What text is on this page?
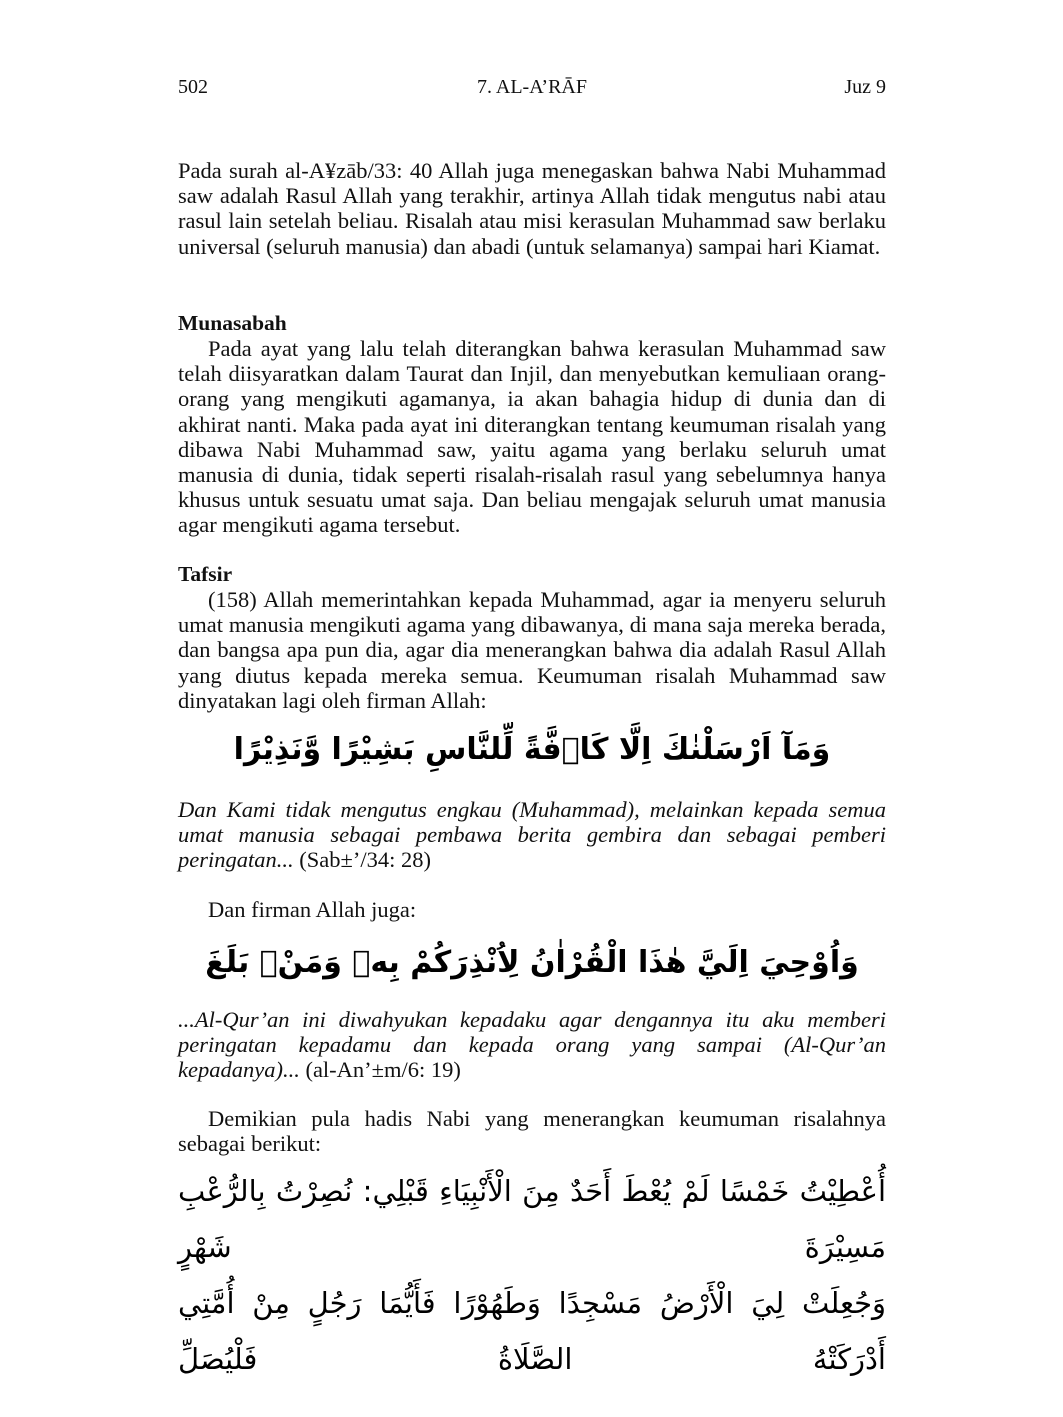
502	7. AL-A’RĀF	Juz 9

Pada surah al-A¥zāb/33: 40 Allah juga menegaskan bahwa Nabi Muhammad saw adalah Rasul Allah yang terakhir, artinya Allah tidak mengutus nabi atau rasul lain setelah beliau. Risalah atau misi kerasulan Muhammad saw berlaku universal (seluruh manusia) dan abadi (untuk selamanya) sampai hari Kiamat.

Munasabah

Pada ayat yang lalu telah diterangkan bahwa kerasulan Muhammad saw telah diisyaratkan dalam Taurat dan Injil, dan menyebutkan kemuliaan orang-orang yang mengikuti agamanya, ia akan bahagia hidup di dunia dan di akhirat nanti. Maka pada ayat ini diterangkan tentang keumuman risalah yang dibawa Nabi Muhammad saw, yaitu agama yang berlaku seluruh umat manusia di dunia, tidak seperti risalah-risalah rasul yang sebelumnya hanya khusus untuk sesuatu umat saja. Dan beliau mengajak seluruh umat manusia agar mengikuti agama tersebut.

Tafsir

(158) Allah memerintahkan kepada Muhammad, agar ia menyeru seluruh umat manusia mengikuti agama yang dibawanya, di mana saja mereka berada, dan bangsa apa pun dia, agar dia menerangkan bahwa dia adalah Rasul Allah yang diutus kepada mereka semua. Keumuman risalah Muhammad saw dinyatakan lagi oleh firman Allah:

وَمَآ اَرْسَلْنٰكَ اِلَّا كَاۤفَّةً لِّلنَّاسِ بَشِيْرًا وَّنَذِيْرًا

Dan Kami tidak mengutus engkau (Muhammad), melainkan kepada semua umat manusia sebagai pembawa berita gembira dan sebagai pemberi peringatan... (Sab±’/34: 28)

Dan firman Allah juga:

وَاُوْحِيَ اِلَيَّ هٰذَا الْقُرْاٰنُ لِاُنْذِرَكُمْ بِهٖ وَمَنْۢ بَلَغَ

...Al-Qur’an ini diwahyukan kepadaku agar dengannya itu aku memberi peringatan kepadamu dan kepada orang yang sampai (Al-Qur’an kepadanya)... (al-An’±m/6: 19)

Demikian pula hadis Nabi yang menerangkan keumuman risalahnya sebagai berikut:

أُعْطِيْتُ خَمْسًا لَمْ يُعْطَ أَحَدٌ مِنَ الْأَنْبِيَاءِ قَبْلِي: نُصِرْتُ بِالرُّعْبِ مَسِيْرَةَ شَهْرٍ
وَجُعِلَتْ لِيَ الْأَرْضُ مَسْجِدًا وَطَهُوْرًا فَأَيُّمَا رَجُلٍ مِنْ أُمَّتِي أَدْرَكَتْهُ الصَّلَاةُ فَلْيُصَلِّ
